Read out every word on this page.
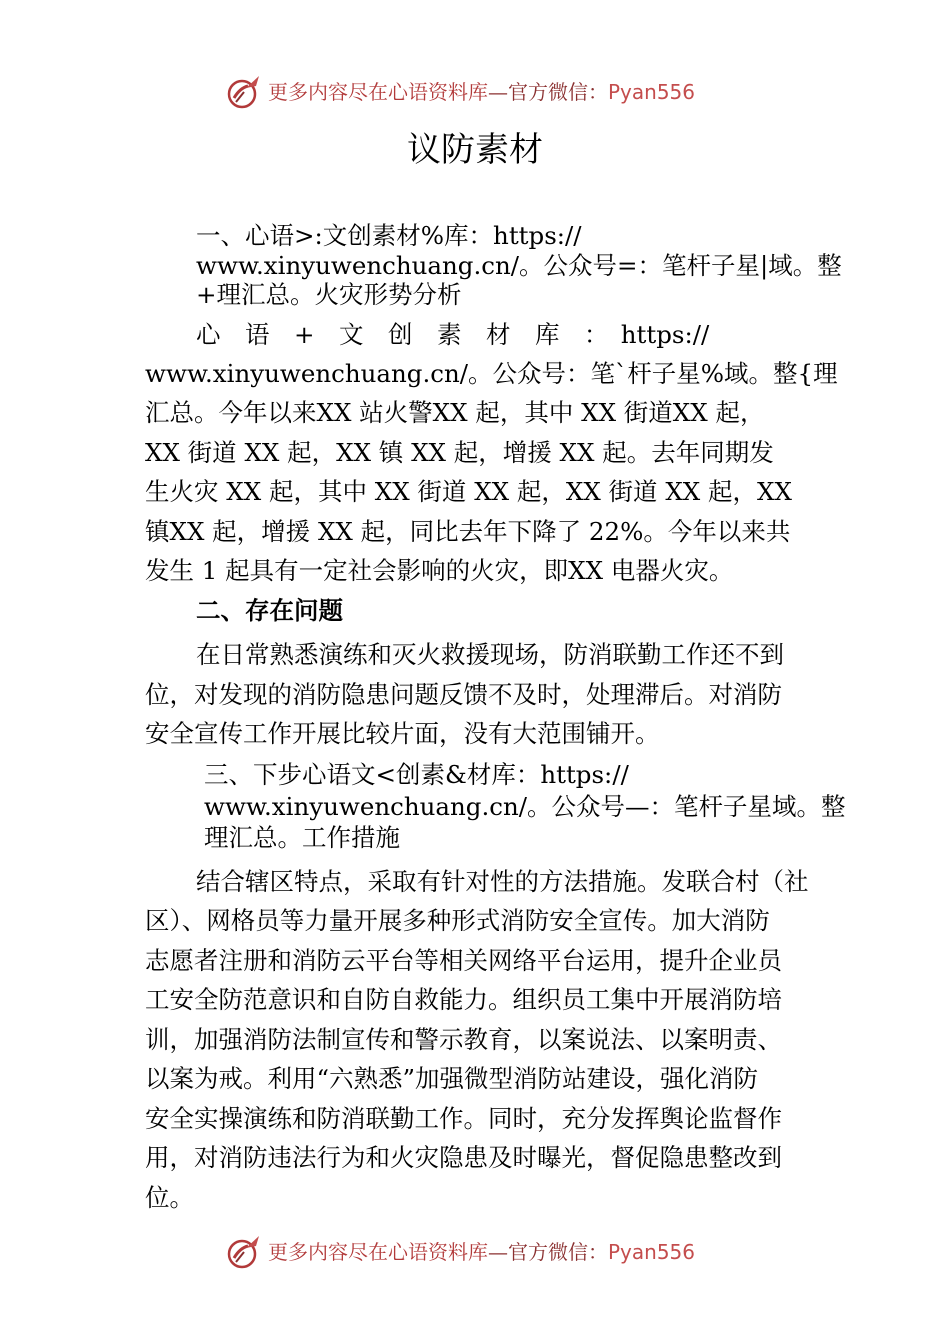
更多内容尽在心语资料库—官方微信：Pyan556
议防素材
一、心语>:文创素材%库：https://
www.xinyuwenchuang.cn/。公众号=：笔杆子星|域。整
+理汇总。火灾形势分析
心　语　+　文　创　素　材　库　：　https://
www.xinyuwenchuang.cn/。公众号：笔`杆子星%域。整{理
汇总。今年以来XX 站火警XX 起，其中 XX 街道XX 起，
XX 街道 XX 起，XX 镇 XX 起，增援 XX 起。去年同期发
生火灾 XX 起，其中 XX 街道 XX 起，XX 街道 XX 起，XX
镇XX 起，增援 XX 起，同比去年下降了 22%。今年以来共
发生 1 起具有一定社会影响的火灾，即XX 电器火灾。
二、存在问题
在日常熟悉演练和灭火救援现场，防消联勤工作还不到
位，对发现的消防隐患问题反馈不及时，处理滞后。对消防
安全宣传工作开展比较片面，没有大范围铺开。
三、下步心语文<创素&材库：https://
www.xinyuwenchuang.cn/。公众号—：笔杆子星域。整
理汇总。工作措施
结合辖区特点，采取有针对性的方法措施。发联合村（社
区）、网格员等力量开展多种形式消防安全宣传。加大消防
志愿者注册和消防云平台等相关网络平台运用，提升企业员
工安全防范意识和自防自救能力。组织员工集中开展消防培
训，加强消防法制宣传和警示教育，以案说法、以案明责、
以案为戒。利用“六熟悉”加强微型消防站建设，强化消防
安全实操演练和防消联勤工作。同时，充分发挥舆论监督作
用，对消防违法行为和火灾隐患及时曝光，督促隐患整改到
位。
更多内容尽在心语资料库—官方微信：Pyan556
